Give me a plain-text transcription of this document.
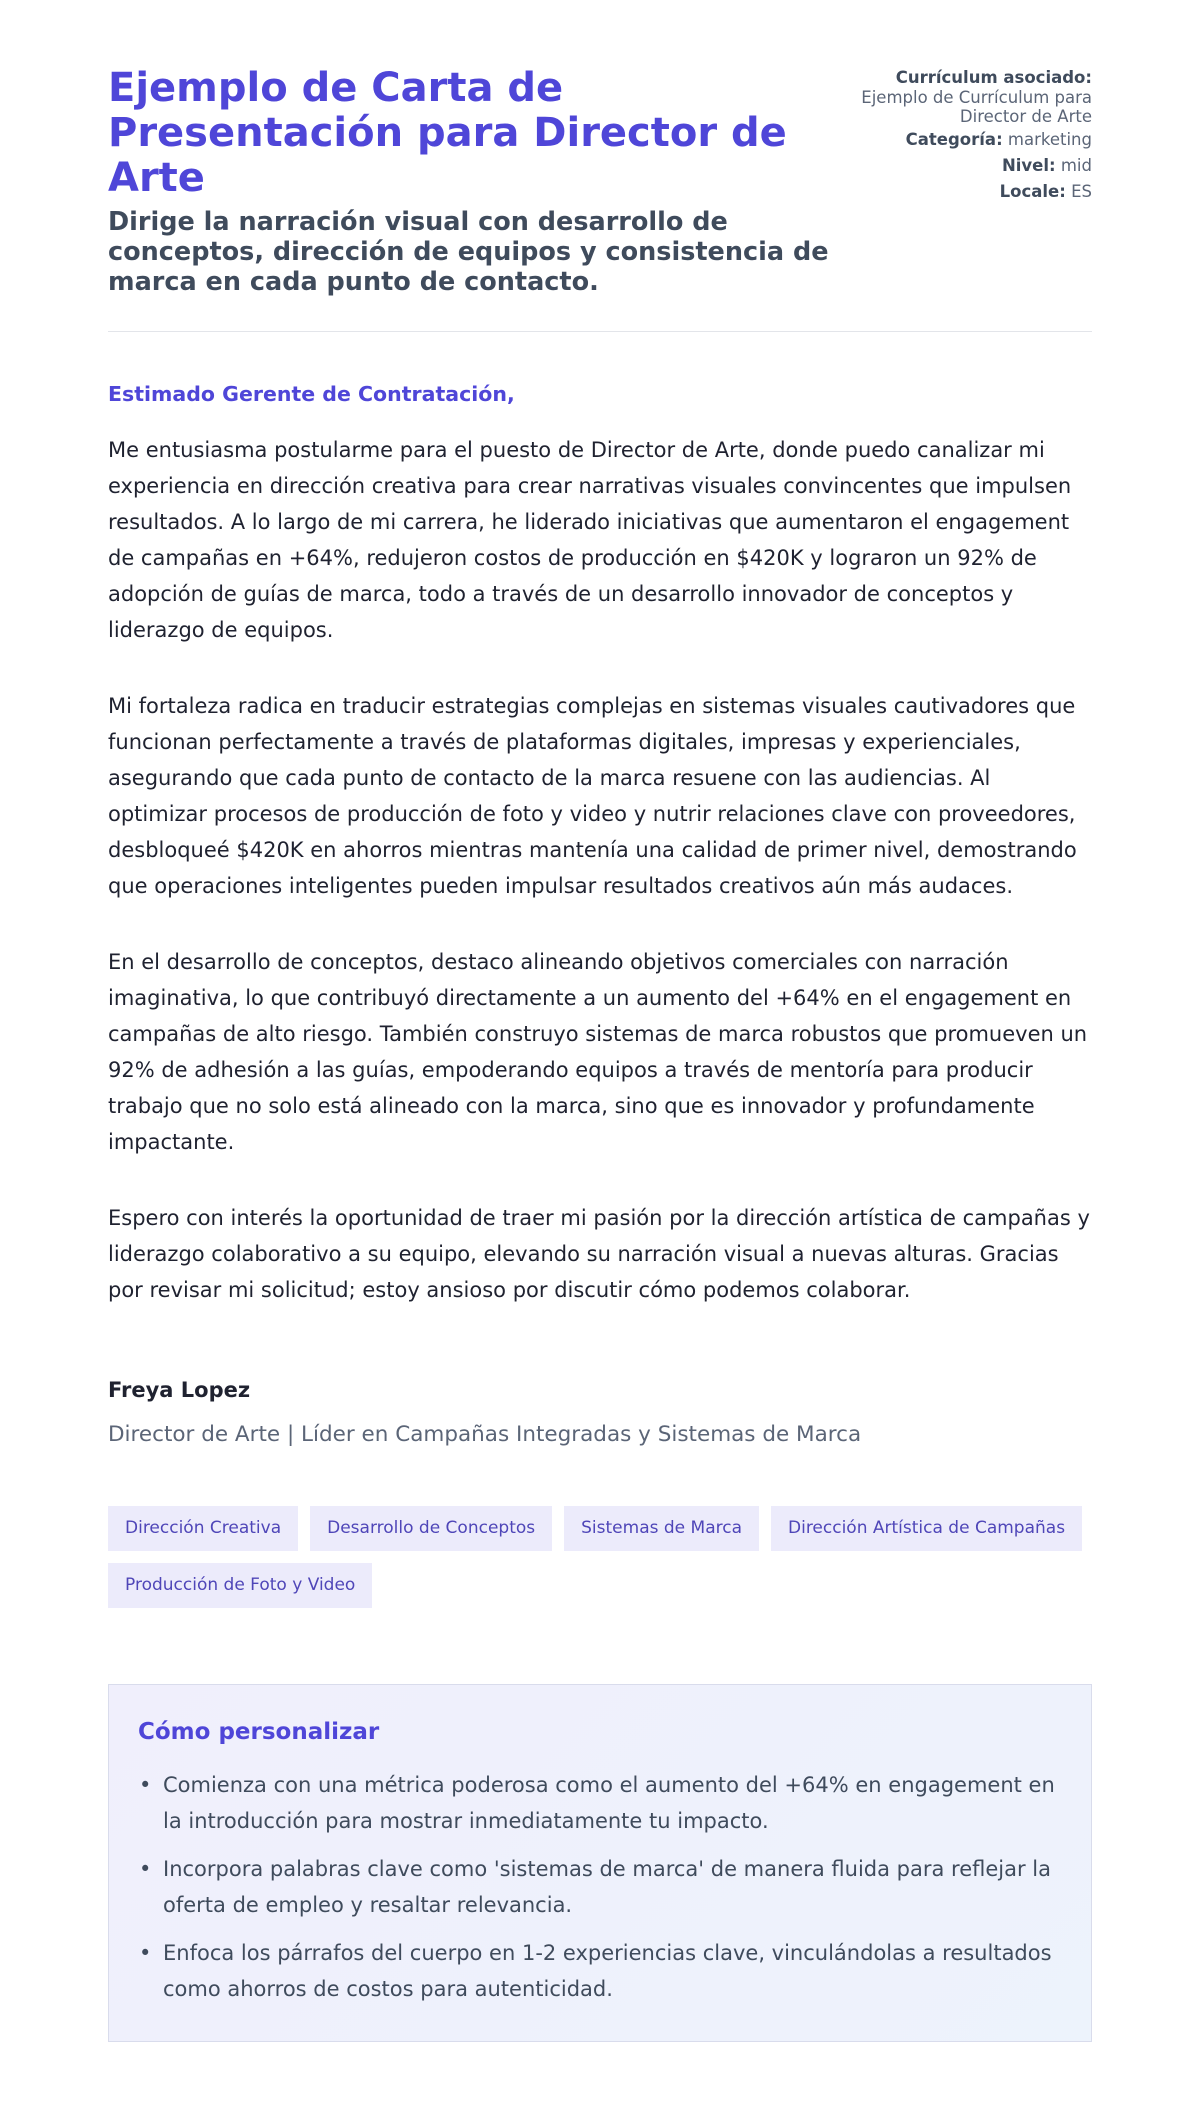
Ejemplo de Carta de Presentación para Director de Arte
Dirige la narración visual con desarrollo de conceptos, dirección de equipos y consistencia de marca en cada punto de contacto.
Currículum asociado:
Ejemplo de Currículum para Director de Arte
Categoría: marketing
Nivel: mid
Locale: ES

Estimado Gerente de Contratación,

Me entusiasma postularme para el puesto de Director de Arte, donde puedo canalizar mi experiencia en dirección creativa para crear narrativas visuales convincentes que impulsen resultados. A lo largo de mi carrera, he liderado iniciativas que aumentaron el engagement de campañas en +64%, redujeron costos de producción en $420K y lograron un 92% de adopción de guías de marca, todo a través de un desarrollo innovador de conceptos y liderazgo de equipos.

Mi fortaleza radica en traducir estrategias complejas en sistemas visuales cautivadores que funcionan perfectamente a través de plataformas digitales, impresas y experienciales, asegurando que cada punto de contacto de la marca resuene con las audiencias. Al optimizar procesos de producción de foto y video y nutrir relaciones clave con proveedores, desbloqueé $420K en ahorros mientras mantenía una calidad de primer nivel, demostrando que operaciones inteligentes pueden impulsar resultados creativos aún más audaces.

En el desarrollo de conceptos, destaco alineando objetivos comerciales con narración imaginativa, lo que contribuyó directamente a un aumento del +64% en el engagement en campañas de alto riesgo. También construyo sistemas de marca robustos que promueven un 92% de adhesión a las guías, empoderando equipos a través de mentoría para producir trabajo que no solo está alineado con la marca, sino que es innovador y profundamente impactante.

Espero con interés la oportunidad de traer mi pasión por la dirección artística de campañas y liderazgo colaborativo a su equipo, elevando su narración visual a nuevas alturas. Gracias por revisar mi solicitud; estoy ansioso por discutir cómo podemos colaborar.

Freya Lopez

Director de Arte | Líder en Campañas Integradas y Sistemas de Marca

Dirección Creativa	Desarrollo de Conceptos	Sistemas de Marca	Dirección Artística de Campañas
Producción de Foto y Video
Cómo personalizar
• Comienza con una métrica poderosa como el aumento del +64% en engagement en la introducción para mostrar inmediatamente tu impacto.
• Incorpora palabras clave como 'sistemas de marca' de manera fluida para reflejar la oferta de empleo y resaltar relevancia.
• Enfoca los párrafos del cuerpo en 1-2 experiencias clave, vinculándolas a resultados como ahorros de costos para autenticidad.
